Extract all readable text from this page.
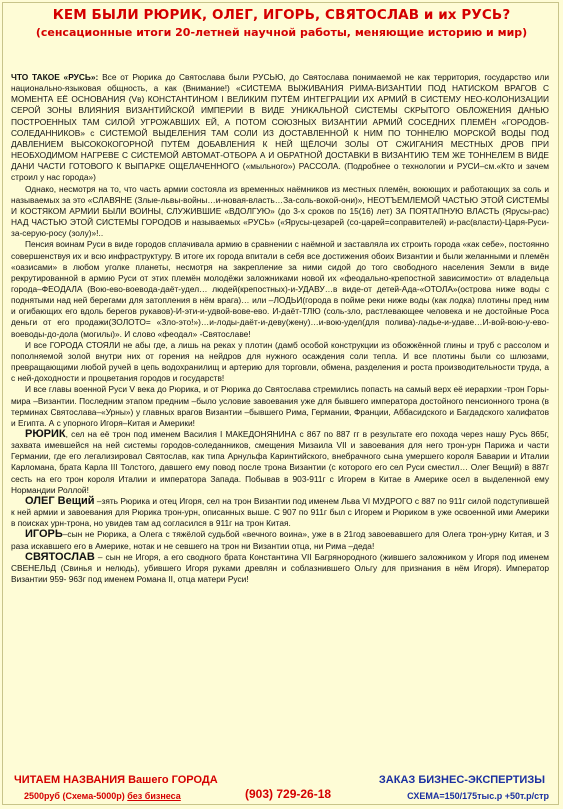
КЕМ БЫЛИ РЮРИК, ОЛЕГ, ИГОРЬ, СВЯТОСЛАВ и их РУСЬ?
(сенсационные итоги 20-летней научной работы, меняющие историю и мир)

ЧТО ТАКОЕ «РУСЬ»: Все от Рюрика до Святослава были РУСЬЮ, до Святослава понимаемой не как территория, государство или национально-языковая общность, а как (Внимание!) «СИСТЕМА ВЫЖИВАНИЯ РИМА-ВИЗАНТИИ ПОД НАТИСКОМ ВРАГОВ С МОМЕНТА ЕЁ ОСНОВАНИЯ (Vв) КОНСТАНТИНОМ I ВЕЛИКИМ ПУТЁМ ИНТЕГРАЦИИ ИХ АРМИЙ В СИСТЕМУ НЕО-КОЛОНИЗАЦИИ СЕРОЙ ЗОНЫ ВЛИЯНИЯ ВИЗАНТИЙСКОЙ ИМПЕРИИ В ВИДЕ УНИКАЛЬНОЙ СИСТЕМЫ СКРЫТОГО ОБЛОЖЕНИЯ ДАНЬЮ ПОСТРОЕННЫХ ТАМ СИЛОЙ УГРОЖАВШИХ ЕЙ, А ПОТОМ СОЮЗНЫХ ВИЗАНТИИ АРМИЙ СОСЕДНИХ ПЛЕМЁН «ГОРОДОВ-СОЛЕДАННИКОВ» с СИСТЕМОЙ ВЫДЕЛЕНИЯ ТАМ СОЛИ ИЗ ДОСТАВЛЕННОЙ К НИМ ПО ТОННЕЛЮ МОРСКОЙ ВОДЫ ПОД ДАВЛЕНИЕМ ВЫСОКОКОГОРНОЙ ПУТЁМ ДОБАВЛЕНИЯ К НЕЙ ЩЁЛОЧИ ЗОЛЫ ОТ СЖИГАНИЯ МЕСТНЫХ ДРОВ ПРИ НЕОБХОДИМОМ НАГРЕВЕ С СИСТЕМОЙ АВТОМАТ-ОТБОРА А И ОБРАТНОЙ ДОСТАВКИ В ВИЗАНТИЮ ТЕМ ЖЕ ТОННЕЛЕМ В ВИДЕ ДАНИ ЧАСТИ ГОТОВОГО К ВЫПАРКЕ ОЩЕЛАЧЕННОГО («мыльного») РАССОЛА. (Подробнее о технологии и РУСИ–см.«Кто и зачем строил у нас города»)

Однако, несмотря на то, что часть армии состояла из временных наёмников из местных племён, воюющих и работающих за соль и называемых за это «СЛАВЯНЕ (Злые-львы-войны…и-новая-власть…За-соль-вокой-они)», НЕОТЪЕМЛЕМОЙ ЧАСТЬЮ ЭТОЙ СИСТЕМЫ И КОСТЯКОМ АРМИИ БЫЛИ ВОИНЫ, СЛУЖИВШИЕ «ВДОЛГУЮ» (до 3-х сроков по 15(16) лет) ЗА ПОЯТАПНУЮ ВЛАСТЬ (Ярусы-рас) НАД ЧАСТЬЮ ЭТОЙ СИСТЕМЫ ГОРОДОВ и называемых «РУСЬ» («Ярусы-цезарей (со-царей=соправителей) и-рас(власти)-Царя-Руси-за-серую-росу (золу)»!..

Пенсия воинам Руси в виде городов сплачивала армию в сравнении с наёмной и заставляла их строить города «как себе», постоянно совершенствуя их и всю инфраструктуру. В итоге их города впитали в себя все достижения обоих Византии и были желанными и племён «оазисами» в любом уголке планеты, несмотря на закрепление за ними сидой до того свободного населения Земли в виде рекрутированной в армию Руси от этих племён молодёжи заложниками новой их «феодально-крепостной зависимости» от владельца города–ФЕОДАЛА (Вою-ево-воевода-даёт-удел… людей(крепостных)-и-УДАВУ…в виде-от детей-Ада-«ОТОЛА»(острова ниже воды с поднятыми над ней берегами для затопления в нём врага)… или –ЛОДЬИ(города в пойме реки ниже воды (как лодка) плотины пред ним и огибающих его вдоль берегов рукавов)-И-эти-и-удвой-вове-ево. И-даёт-ТЛЮ (соль-зло, растлевающее человека и не достойные Роса деньги от его продажи(ЗОЛОТО= «Зло-это!»)…и-лоды-даёт-и-деву(жену)…и-вою-удел(для полива)-ладье-и-удаве…И-вой-вою-у-ево-воеводы-до-дола (могилы)». И слово «феодал» -Святославе!

И все ГОРОДА СТОЯЛИ не абы где, а лишь на реках у плотин (дамб особой конструкции из обожжённой глины и труб с рассолом и пополняемой золой внутри них от горения на нейдров для нужного осаждения соли тепла. И все плотины были со шлюзами, превращающими любой ручей в цепь водохранилищ и артерию для торговли, обмена, разделения и роста производительности труда, а с ней-доходности и процветания городов и государств!

И все главы военной Руси V века до Рюрика, и от Рюрика до Святослава стремились попасть на самый верх её иерархии -трон Горы-мира –Византии. Последним этапом предним –было условие завоевания уже для бывшего императора достойного пенсионного трона (в терминах Святослава–«Урны») у главных врагов Византии –бывшего Рима, Германии, Франции, Аббасидского и Багдадского халифатов и Египта. А с упорного Игоря–Китая и Америки!

РЮРИК, сел на её трон под именем Василия I МАКЕДОНЯНИНА с 867 по 887 гг в результате его похода через нашу Русь 865г, захвата имевшейся на ней системы городов-соледанников, смещения Мизаила VII и завоевания для него трон-урн Парижа и части Германии, где его легализировал Святослав, как типа Арнульфа Каринтийского, внебрачного сына умершего короля Баварии и Италии Карломана, брата Карла III Толстого, давшего ему повод после трона Византии (с которого его сел Руси сместил… Олег Вещий) в 887г сесть на его трон короля Италии и императора Запада. Побывав в 903-911г с Игорем в Китае в Америке осел в выделенной ему Нормандии Роллой!

ОЛЕГ Вещий –зять Рюрика и отец Игоря, сел на трон Византии под именем Льва VI МУДРОГО с 887 по 911г силой подступившей к ней армии и завоевания для Рюрика трон-урн, описанных выше. С 907 по 911г был с Игорем и Рюриком в уже освоенной ими Америки в поисках урн-трона, но увидев там ад согласился в 911г на трон Китая.

ИГОРЬ–сын не Рюрика, а Олега с тяжёлой судьбой «вечного воина», уже в в 21год завоевавшего для Олега трон-урну Китая, и 3 раза искавшего его в Америке, нотак и не севшего на трон ни Византии отца, ни Рима –деда!

СВЯТОСЛАВ – сын не Игоря, а его сводного брата Константина VII Багрянородного (жившего заложником у Игоря под именем СВЕНЕЛЬД (Свинья и нелюдь), убившего Игоря руками древлян и соблазнившего Ольгу для признания в нём Игоря). Император Византии 959- 963г под именем Романа II, отца матери Руси!

ЧИТАЕМ НАЗВАНИЯ Вашего ГОРОДА	ЗАКАЗ БИЗНЕС-ЭКСПЕРТИЗЫ
2500руб (Схема-5000р) без бизнеса	(903) 729-26-18	СХЕМА=150/175тыс.р +50т.р/стр
